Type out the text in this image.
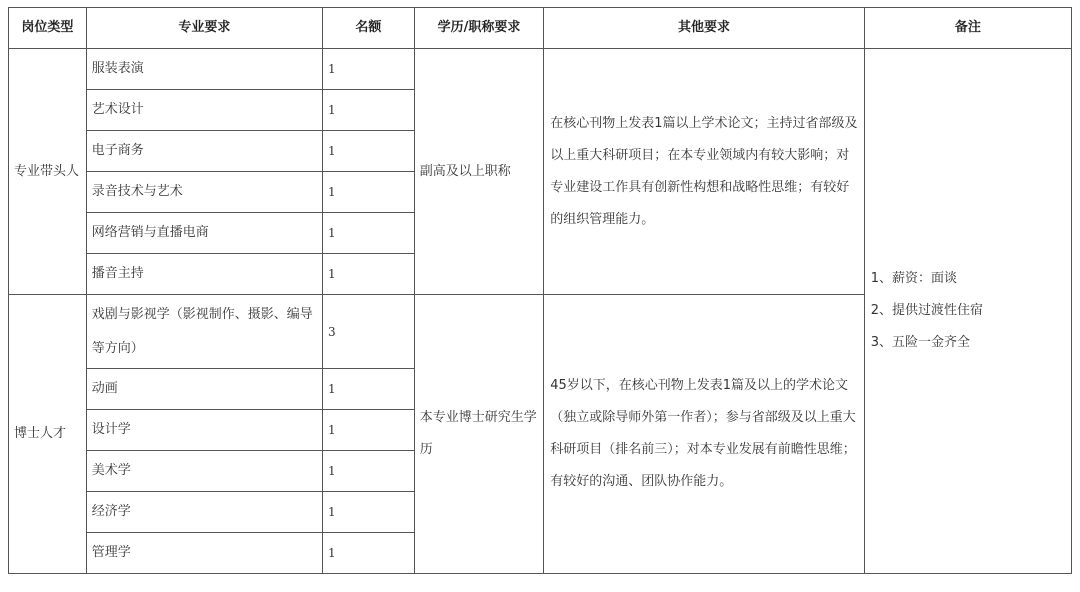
岗位类型	专业要求	名额	学历/职称要求	其他要求	备注
专业带头人	服装表演	1	副高及以上职称	在核心刊物上发表1篇以上学术论文；主持过省部级及以上重大科研项目；在本专业领域内有较大影响；对专业建设工作具有创新性构想和战略性思维；有较好的组织管理能力。	1、薪资：面谈
2、提供过渡性住宿
3、五险一金齐全

	艺术设计	1			
	电子商务	1			
	录音技术与艺术	1			
	网络营销与直播电商	1			
	播音主持	1			
博士人才	戏剧与影视学（影视制作、摄影、编导等方向）	3	本专业博士研究生学历	45岁以下，在核心刊物上发表1篇及以上的学术论文（独立或除导师外第一作者）；参与省部级及以上重大科研项目（排名前三）；对本专业发展有前瞻性思维；有较好的沟通、团队协作能力。	
	动画	1			
	设计学	1			
	美术学	1			
	经济学	1			
	管理学	1			
